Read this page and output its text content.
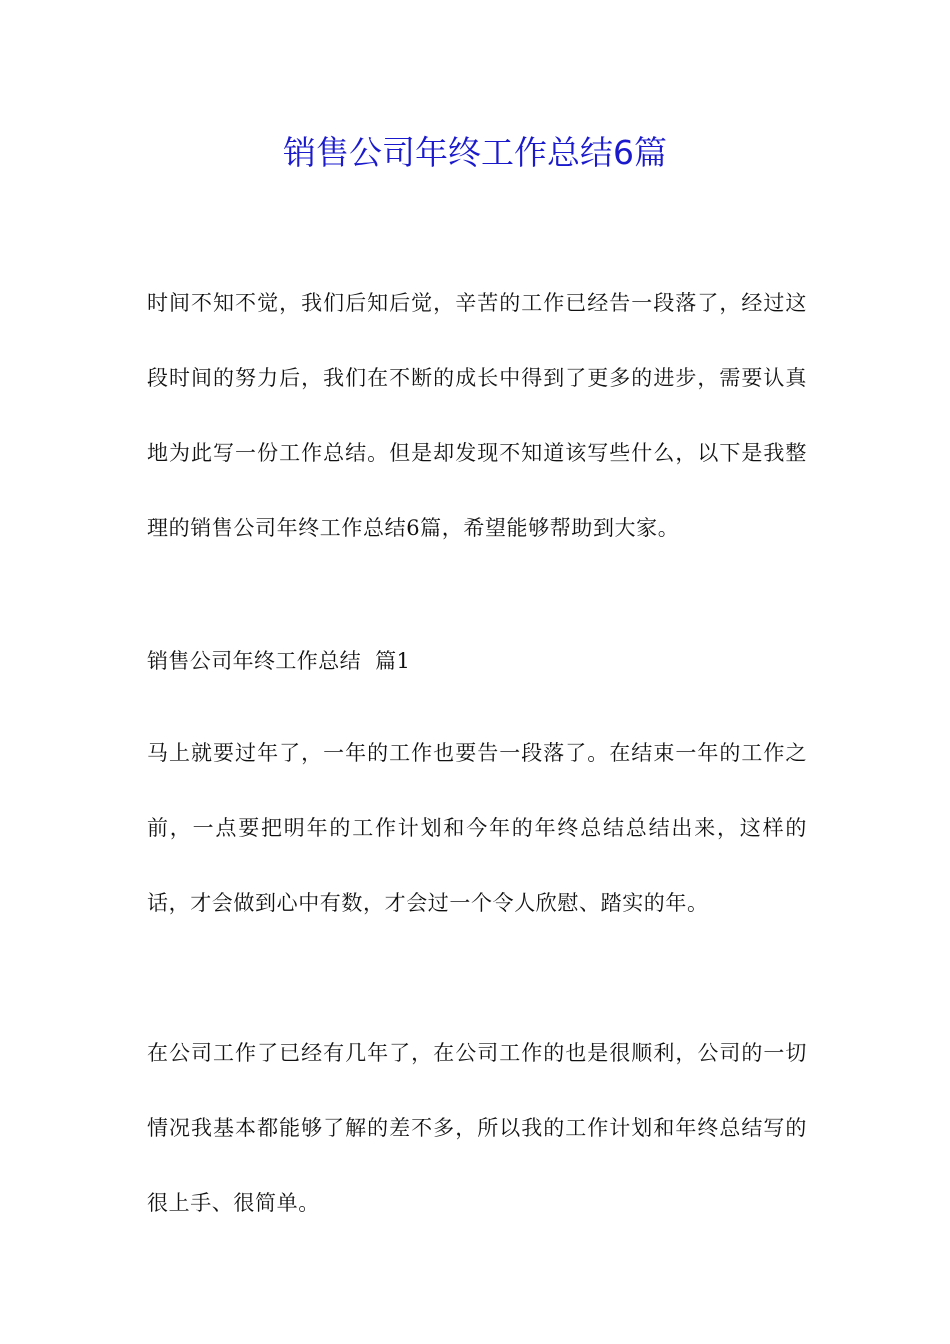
销售公司年终工作总结6篇

时间不知不觉，我们后知后觉，辛苦的工作已经告一段落了，经过这段时间的努力后，我们在不断的成长中得到了更多的进步，需要认真地为此写一份工作总结。但是却发现不知道该写些什么，以下是我整理的销售公司年终工作总结6篇，希望能够帮助到大家。

销售公司年终工作总结  篇1

马上就要过年了，一年的工作也要告一段落了。在结束一年的工作之前，一点要把明年的工作计划和今年的年终总结总结出来，这样的话，才会做到心中有数，才会过一个令人欣慰、踏实的年。

在公司工作了已经有几年了，在公司工作的也是很顺利，公司的一切情况我基本都能够了解的差不多，所以我的工作计划和年终总结写的很上手、很简单。
